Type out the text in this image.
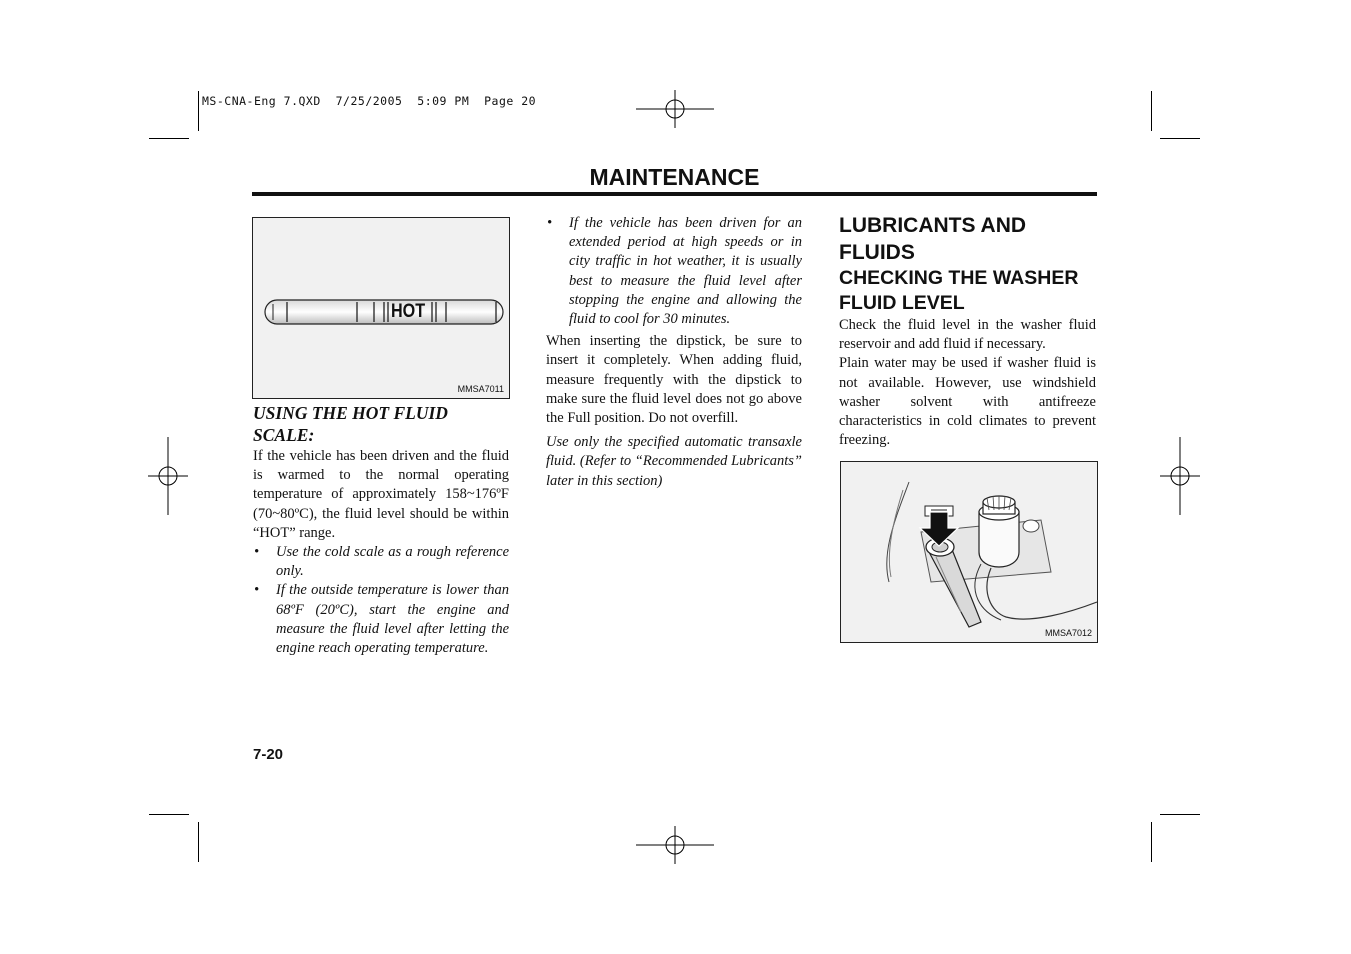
MS-CNA-Eng 7.QXD  7/25/2005  5:09 PM  Page 20
MAINTENANCE
HOT
MMSA7011
USING THE HOT FLUID SCALE:
If the vehicle has been driven and the fluid is warmed to the normal operating temperature of approximately 158~176ºF (70~80ºC), the fluid level should be within “HOT” range.
• Use the cold scale as a rough reference only.
• If the outside temperature is lower than 68ºF (20ºC), start the engine and measure the fluid level after letting the engine reach operating temperature.
• If the vehicle has been driven for an extended period at high speeds or in city traffic in hot weather, it is usually best to measure the fluid level after stopping the engine and allowing the fluid to cool for 30 minutes.
When inserting the dipstick, be sure to insert it completely. When adding fluid, measure frequently with the dipstick to make sure the fluid level does not go above the Full position. Do not overfill.
Use only the specified automatic transaxle fluid. (Refer to “Recommended Lubricants” later in this section)
LUBRICANTS AND FLUIDS
CHECKING THE WASHER FLUID LEVEL
Check the fluid level in the washer fluid reservoir and add fluid if necessary.
Plain water may be used if washer fluid is not available. However, use windshield washer solvent with antifreeze characteristics in cold climates to prevent freezing.
MMSA7012
7-20
